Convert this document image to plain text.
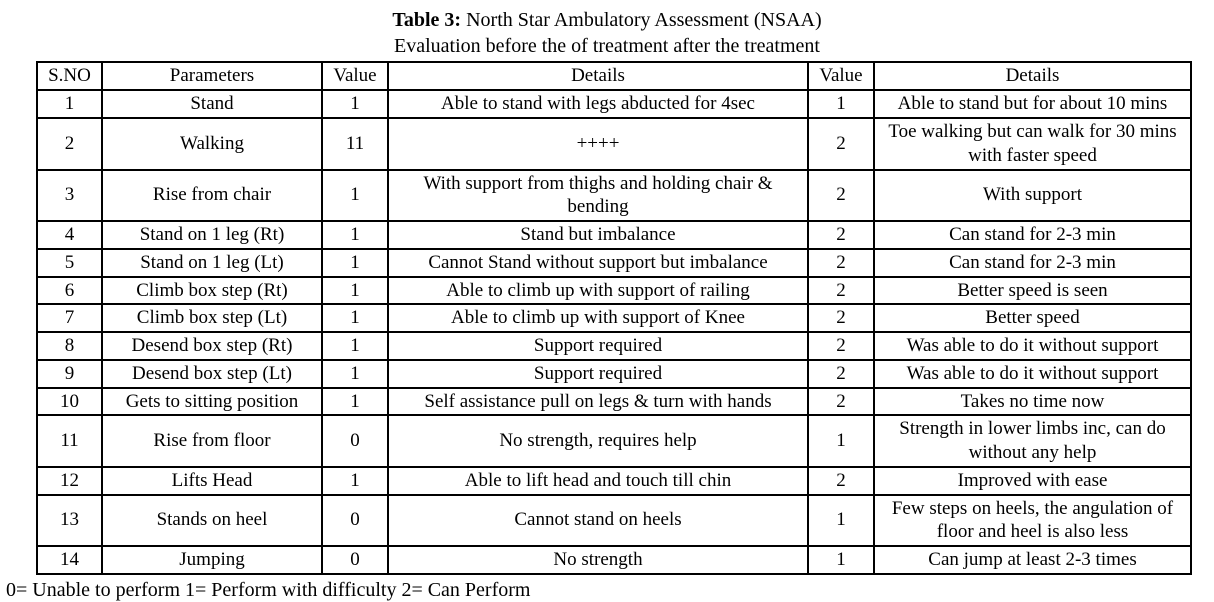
Table 3: North Star Ambulatory Assessment (NSAA)
Evaluation before the of treatment after the treatment
S.NO	Parameters	Value	Details	Value	Details
1	Stand	1	Able to stand with legs abducted for 4sec	1	Able to stand but for about 10 mins
2	Walking	11	++++	2	Toe walking but can walk for 30 mins with faster speed
3	Rise from chair	1	With support from thighs and holding chair & bending	2	With support
4	Stand on 1 leg (Rt)	1	Stand but imbalance	2	Can stand for 2-3 min
5	Stand on 1 leg (Lt)	1	Cannot Stand without support but imbalance	2	Can stand for 2-3 min
6	Climb box step (Rt)	1	Able to climb up with support of railing	2	Better speed is seen
7	Climb box step (Lt)	1	Able to climb up with support of Knee	2	Better speed
8	Desend box step (Rt)	1	Support required	2	Was able to do it without support
9	Desend box step (Lt)	1	Support required	2	Was able to do it without support
10	Gets to sitting position	1	Self assistance pull on legs & turn with hands	2	Takes no time now
11	Rise from floor	0	No strength, requires help	1	Strength in lower limbs inc, can do without any help
12	Lifts Head	1	Able to lift head and touch till chin	2	Improved with ease
13	Stands on heel	0	Cannot stand on heels	1	Few steps on heels, the angulation of floor and heel is also less
14	Jumping	0	No strength	1	Can jump at least 2-3 times
0= Unable to perform 1= Perform with difficulty 2= Can Perform
